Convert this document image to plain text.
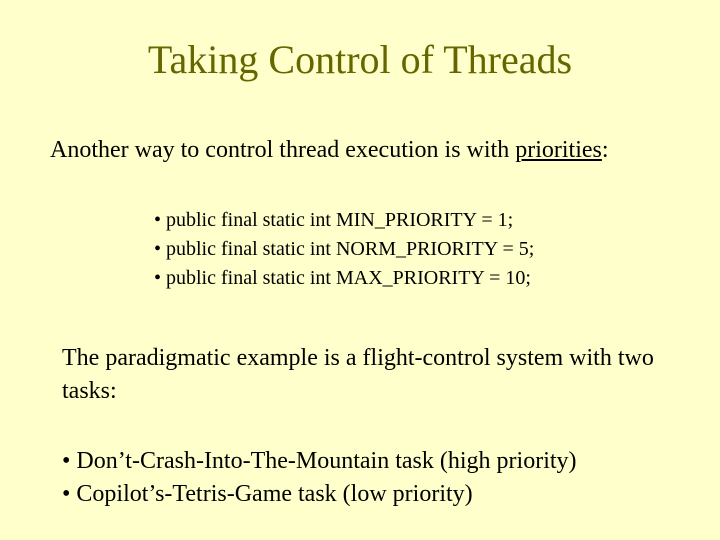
Taking Control of Threads
Another way to control thread execution is with priorities:
• public final static int MIN_PRIORITY = 1;
• public final static int NORM_PRIORITY = 5;
• public final static int MAX_PRIORITY = 10;
The paradigmatic example is a flight-control system with two tasks:
• Don’t-Crash-Into-The-Mountain task (high priority)
• Copilot’s-Tetris-Game task (low priority)
